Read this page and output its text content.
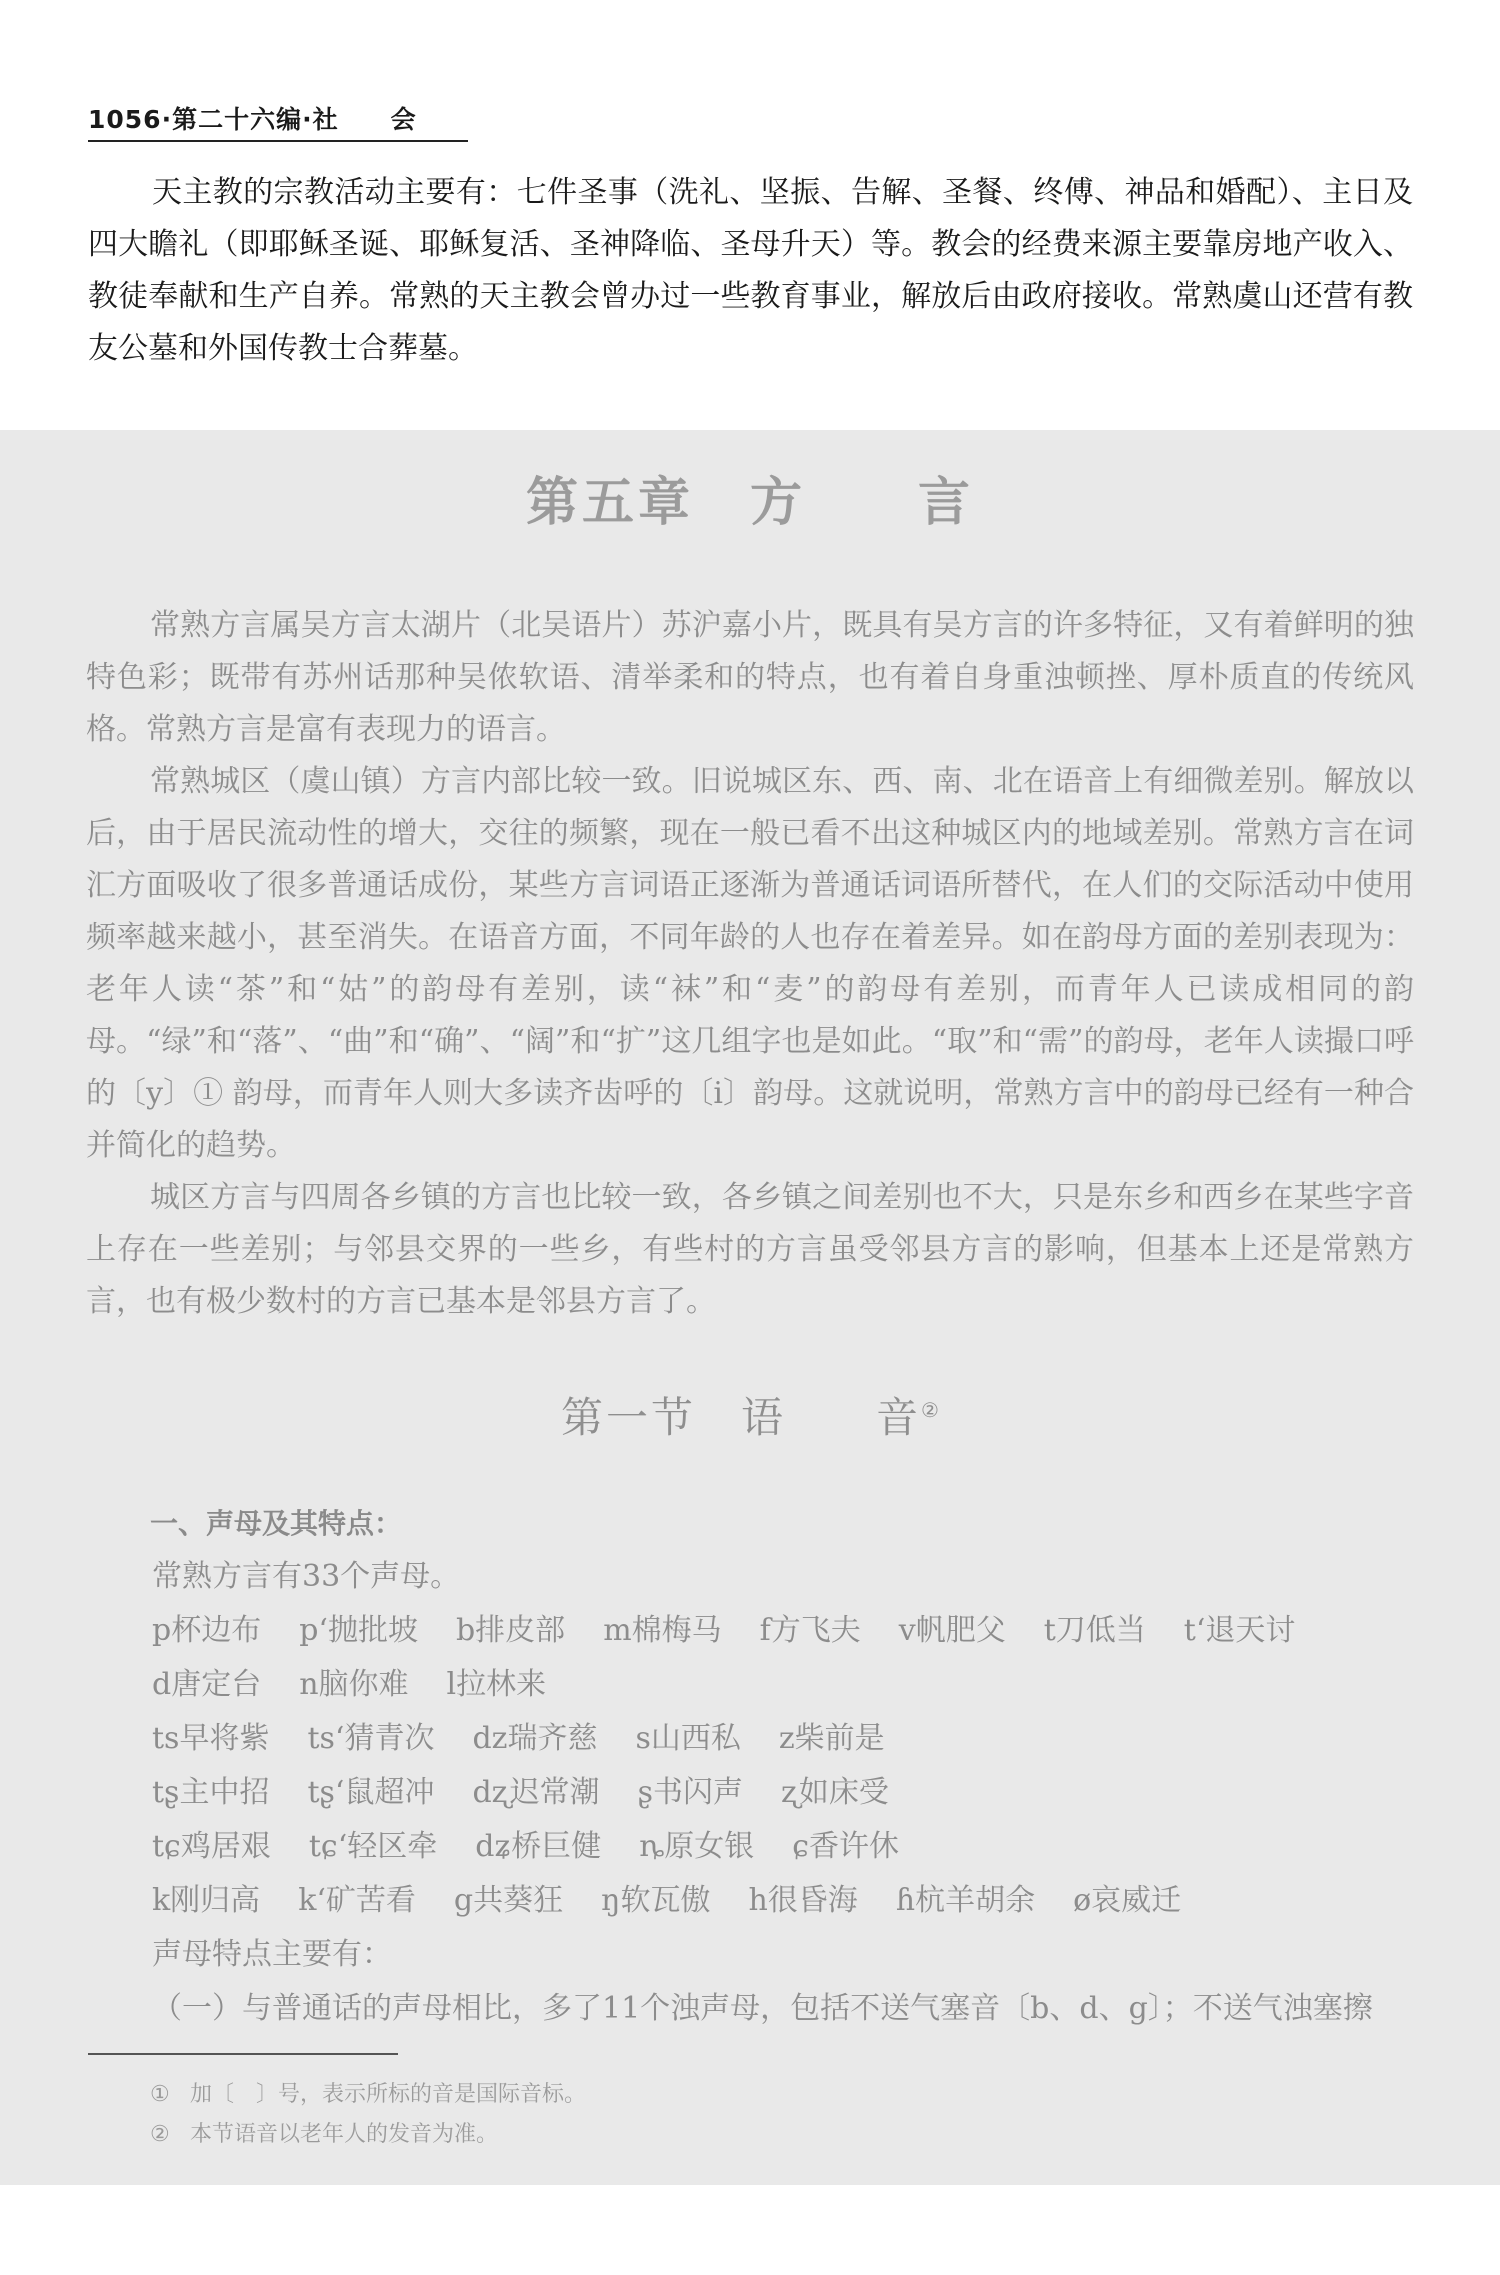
1056·第二十六编·社　　会

天主教的宗教活动主要有：七件圣事（洗礼、坚振、告解、圣餐、终傅、神品和婚配）、主日及四大瞻礼（即耶稣圣诞、耶稣复活、圣神降临、圣母升天）等。教会的经费来源主要靠房地产收入、教徒奉献和生产自养。常熟的天主教会曾办过一些教育事业，解放后由政府接收。常熟虞山还营有教友公墓和外国传教士合葬墓。

第五章　方　　言

常熟方言属吴方言太湖片（北吴语片）苏沪嘉小片，既具有吴方言的许多特征，又有着鲜明的独特色彩；既带有苏州话那种吴侬软语、清举柔和的特点，也有着自身重浊顿挫、厚朴质直的传统风格。常熟方言是富有表现力的语言。

常熟城区（虞山镇）方言内部比较一致。旧说城区东、西、南、北在语音上有细微差别。解放以后，由于居民流动性的增大，交往的频繁，现在一般已看不出这种城区内的地域差别。常熟方言在词汇方面吸收了很多普通话成份，某些方言词语正逐渐为普通话词语所替代，在人们的交际活动中使用频率越来越小，甚至消失。在语音方面，不同年龄的人也存在着差异。如在韵母方面的差别表现为：老年人读“茶”和“姑”的韵母有差别，读“袜”和“麦”的韵母有差别，而青年人已读成相同的韵母。“绿”和“落”、“曲”和“确”、“阔”和“扩”这几组字也是如此。“取”和“需”的韵母，老年人读撮口呼的〔y〕① 韵母，而青年人则大多读齐齿呼的〔i〕韵母。这就说明，常熟方言中的韵母已经有一种合并简化的趋势。

城区方言与四周各乡镇的方言也比较一致，各乡镇之间差别也不大，只是东乡和西乡在某些字音上存在一些差别；与邻县交界的一些乡，有些村的方言虽受邻县方言的影响，但基本上还是常熟方言，也有极少数村的方言已基本是邻县方言了。

第一节　语　　音②
一、声母及其特点：
常熟方言有33个声母。
p杯边布 pʻ抛批坡 b排皮部 m棉梅马 f方飞夫 v帆肥父 t刀低当 tʻ退天讨
d唐定台 n脑你难 l拉林来
ts早将紫 tsʻ猜青次 dz瑞齐慈 s山西私 z柴前是
tʂ主中招 tʂʻ鼠超冲 dʐ迟常潮 ʂ书闪声 ʐ如床受
tɕ鸡居艰 tɕʻ轻区牵 dʑ桥巨健 ȵ原女银 ɕ香许休
k刚归高 kʻ矿苦看 g共葵狂 ŋ软瓦傲 h很昏海 ɦ杭羊胡余 ø哀威迁
声母特点主要有：
（一）与普通话的声母相比，多了11个浊声母，包括不送气塞音〔b、d、g〕；不送气浊塞擦
① 加〔　〕号，表示所标的音是国际音标。
② 本节语音以老年人的发音为准。
